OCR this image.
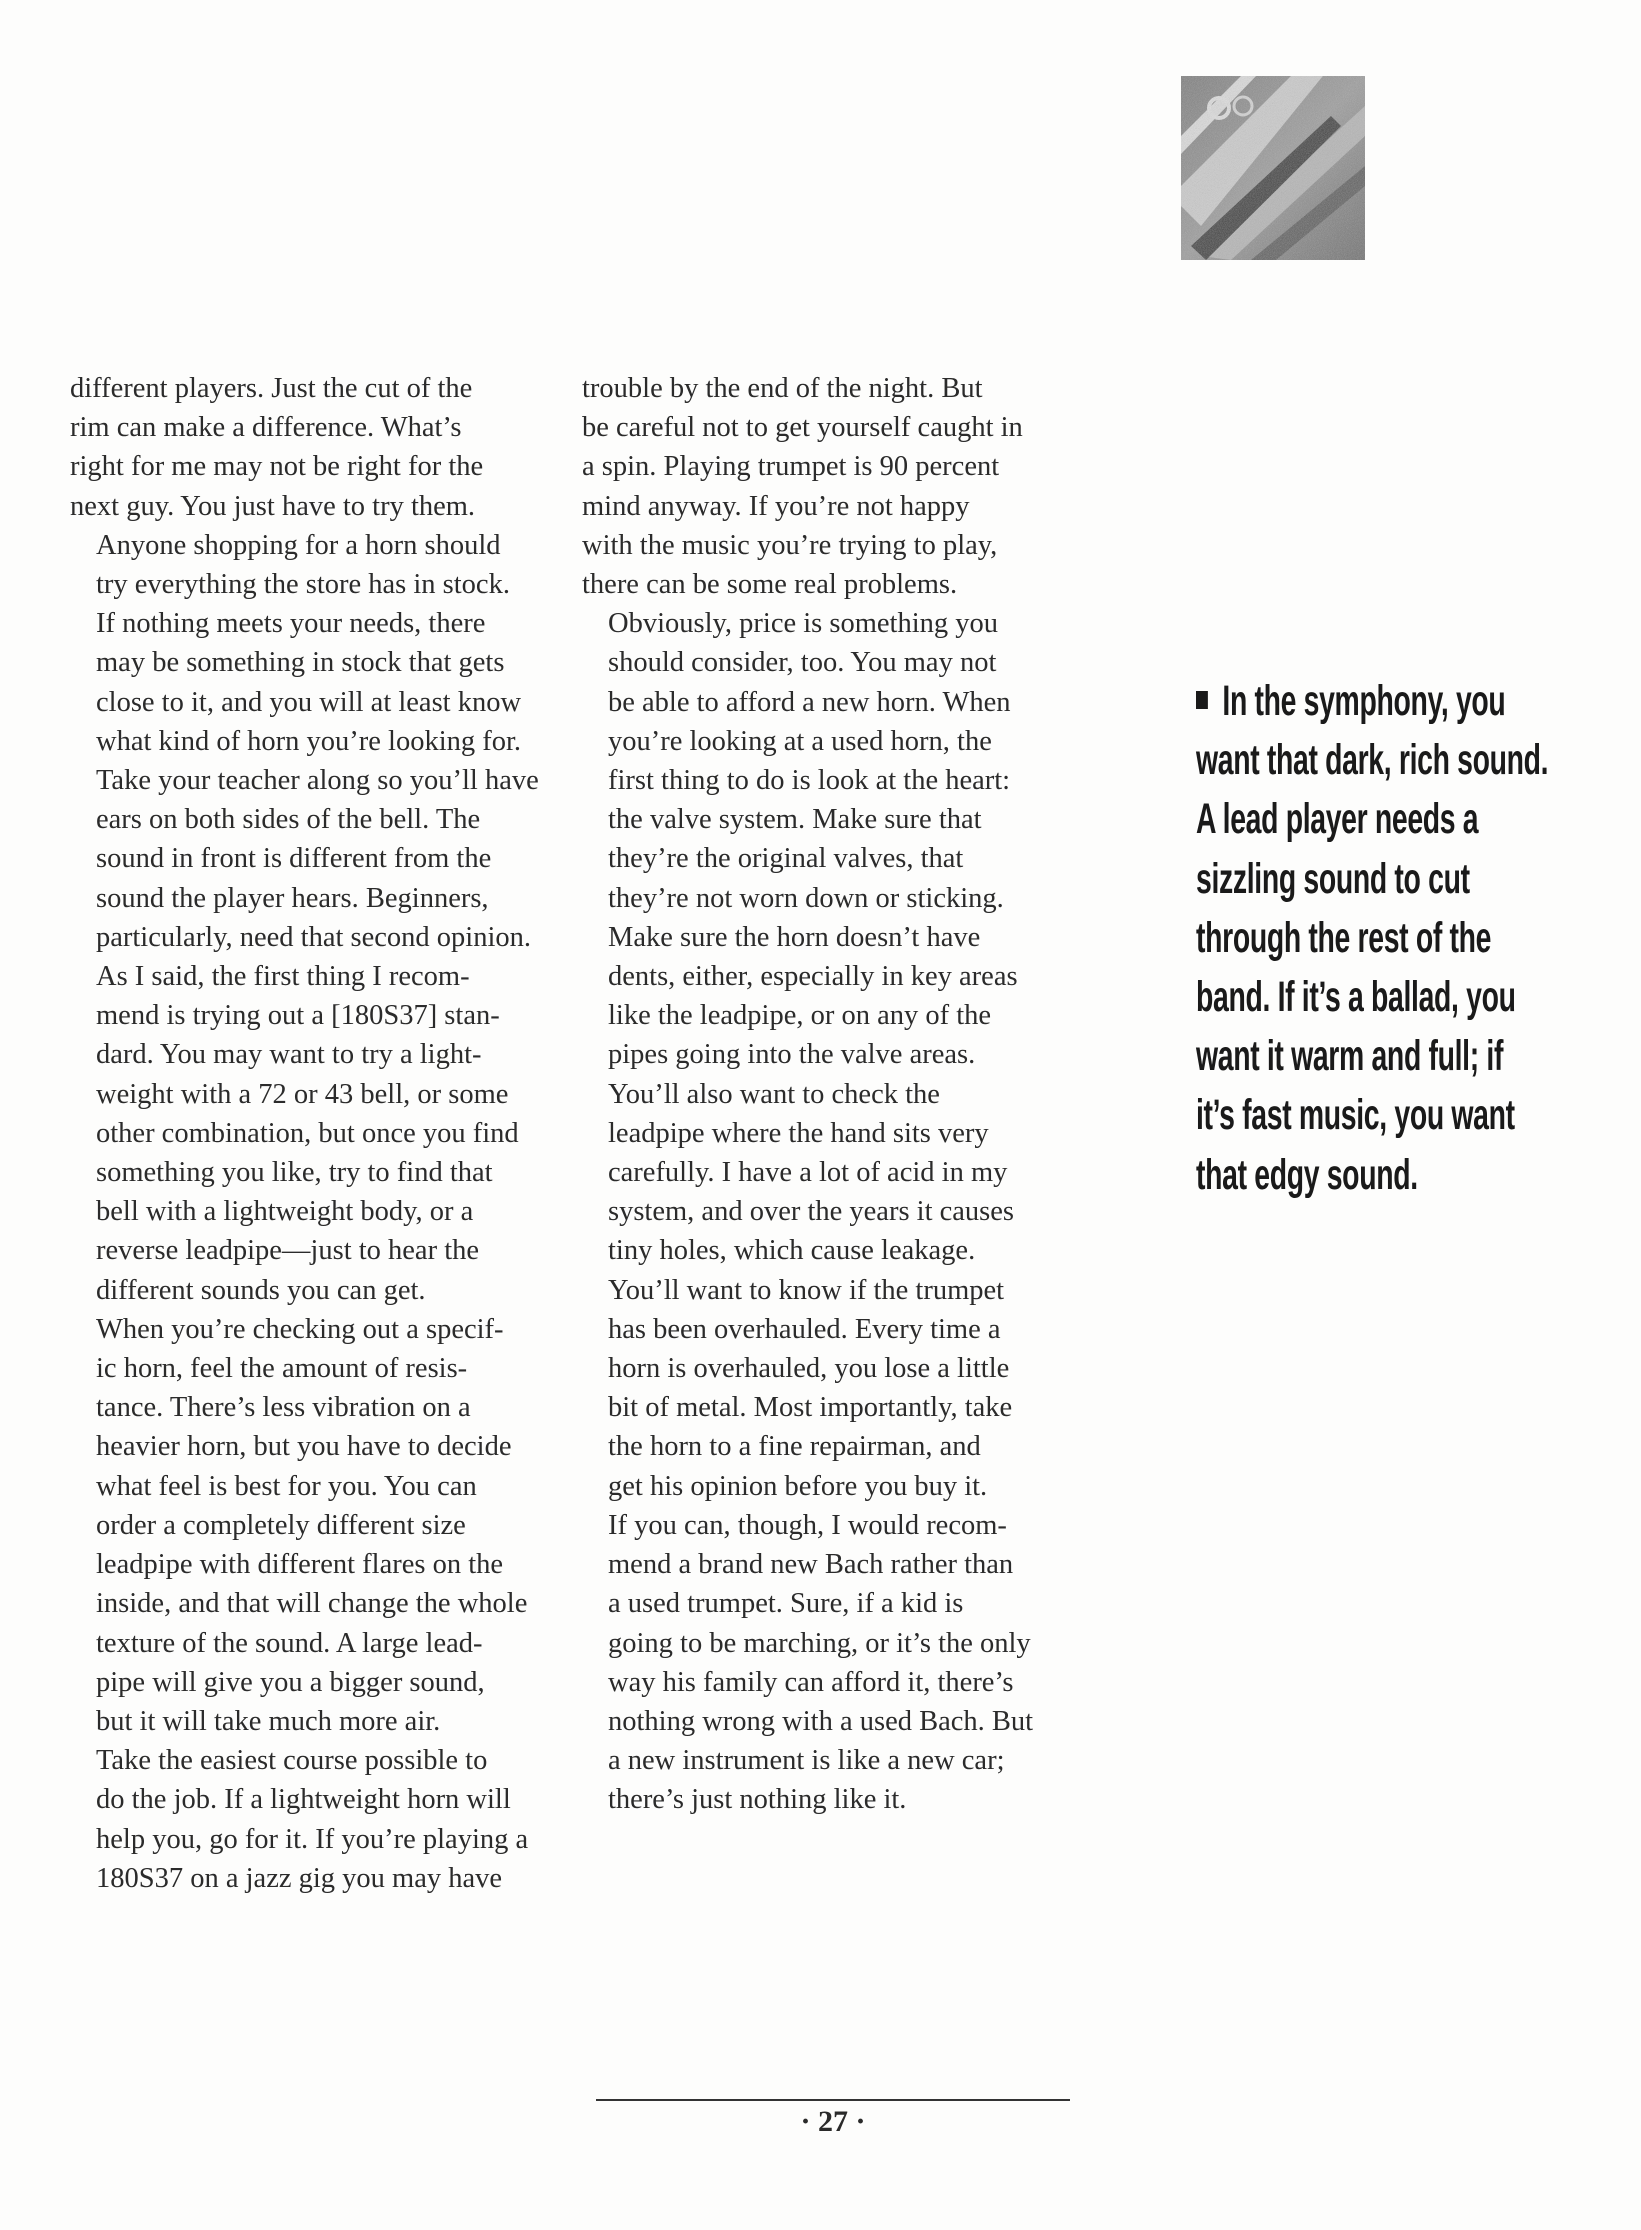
different players. Just the cut of the
rim can make a difference. What’s
right for me may not be right for the
next guy. You just have to try them.

Anyone shopping for a horn should
try everything the store has in stock.
If nothing meets your needs, there
may be something in stock that gets
close to it, and you will at least know
what kind of horn you’re looking for.
Take your teacher along so you’ll have
ears on both sides of the bell. The
sound in front is different from the
sound the player hears. Beginners,
particularly, need that second opinion.

As I said, the first thing I recom-
mend is trying out a [180S37] stan-
dard. You may want to try a light-
weight with a 72 or 43 bell, or some
other combination, but once you find
something you like, try to find that
bell with a lightweight body, or a
reverse leadpipe—just to hear the
different sounds you can get.

When you’re checking out a specif-
ic horn, feel the amount of resis-
tance. There’s less vibration on a
heavier horn, but you have to decide
what feel is best for you. You can
order a completely different size
leadpipe with different flares on the
inside, and that will change the whole
texture of the sound. A large lead-
pipe will give you a bigger sound,
but it will take much more air.

Take the easiest course possible to
do the job. If a lightweight horn will
help you, go for it. If you’re playing a
180S37 on a jazz gig you may have

trouble by the end of the night. But
be careful not to get yourself caught in
a spin. Playing trumpet is 90 percent
mind anyway. If you’re not happy
with the music you’re trying to play,
there can be some real problems.

Obviously, price is something you
should consider, too. You may not
be able to afford a new horn. When
you’re looking at a used horn, the
first thing to do is look at the heart:
the valve system. Make sure that
they’re the original valves, that
they’re not worn down or sticking.
Make sure the horn doesn’t have
dents, either, especially in key areas
like the leadpipe, or on any of the
pipes going into the valve areas.

You’ll also want to check the
leadpipe where the hand sits very
carefully. I have a lot of acid in my
system, and over the years it causes
tiny holes, which cause leakage.
You’ll want to know if the trumpet
has been overhauled. Every time a
horn is overhauled, you lose a little
bit of metal. Most importantly, take
the horn to a fine repairman, and
get his opinion before you buy it.

If you can, though, I would recom-
mend a brand new Bach rather than
a used trumpet. Sure, if a kid is
going to be marching, or it’s the only
way his family can afford it, there’s
nothing wrong with a used Bach. But
a new instrument is like a new car;
there’s just nothing like it.

In the symphony, you
want that dark, rich sound.
A lead player needs a
sizzling sound to cut
through the rest of the
band. If it’s a ballad, you
want it warm and full; if
it’s fast music, you want
that edgy sound.
· 27 ·
